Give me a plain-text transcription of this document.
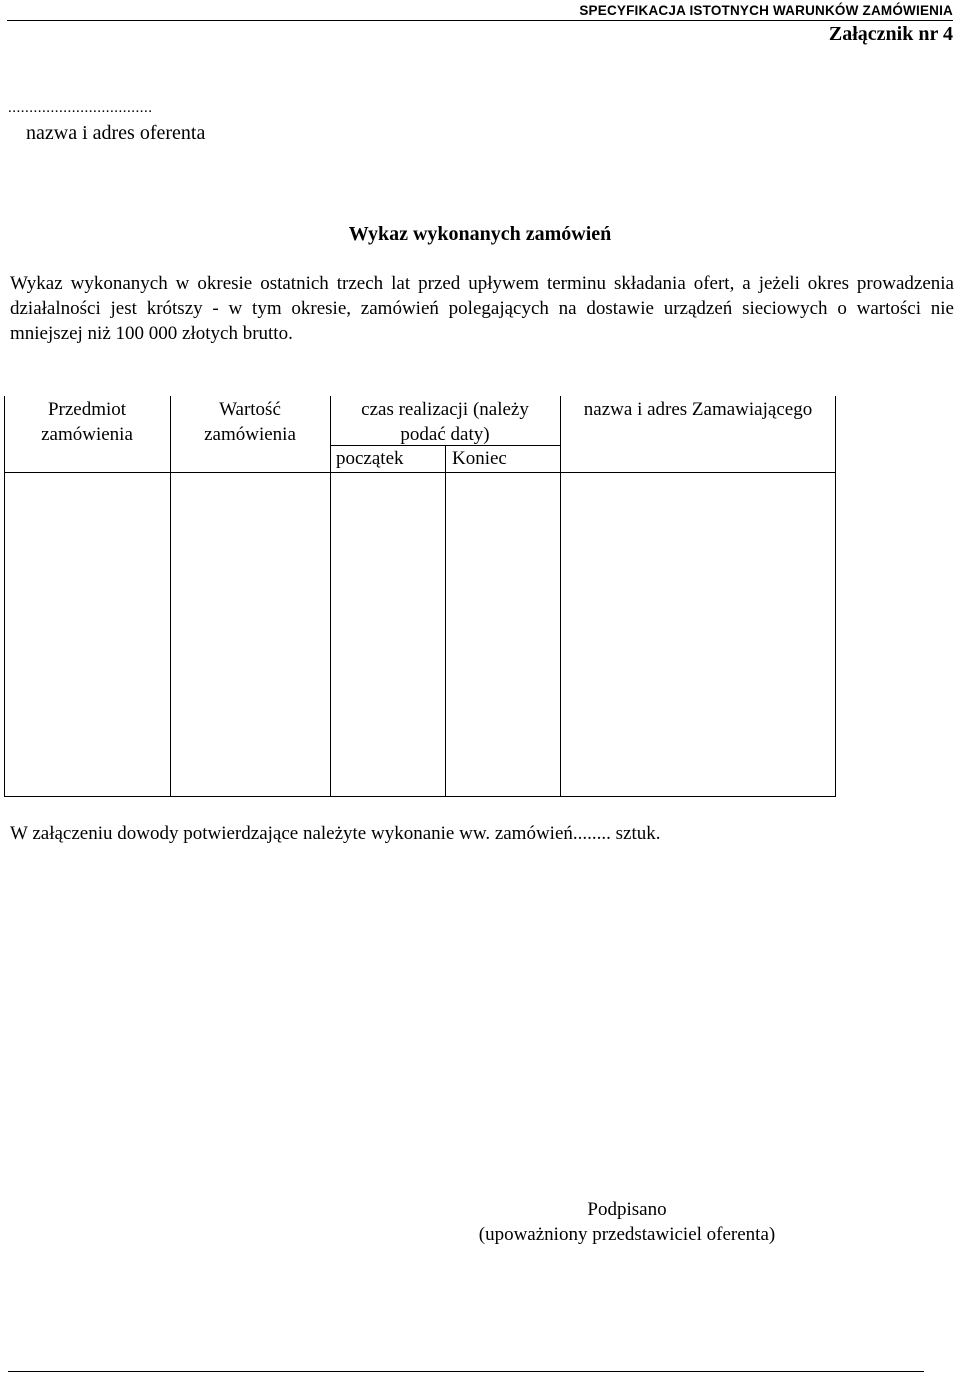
SPECYFIKACJA ISTOTNYCH WARUNKÓW ZAMÓWIENIA
Załącznik nr 4
..................................
nazwa i adres oferenta
Wykaz wykonanych zamówień
Wykaz wykonanych w okresie ostatnich trzech lat przed upływem terminu składania ofert, a jeżeli okres prowadzenia działalności jest krótszy - w tym okresie, zamówień polegających na dostawie urządzeń sieciowych o wartości nie mniejszej niż 100 000 złotych brutto.
Przedmiot
zamówienia
Wartość
zamówienia
czas realizacji (należy
podać daty)
początek	Koniec
nazwa i adres Zamawiającego
W załączeniu dowody potwierdzające należyte wykonanie ww. zamówień........ sztuk.
Podpisano
(upoważniony przedstawiciel oferenta)
